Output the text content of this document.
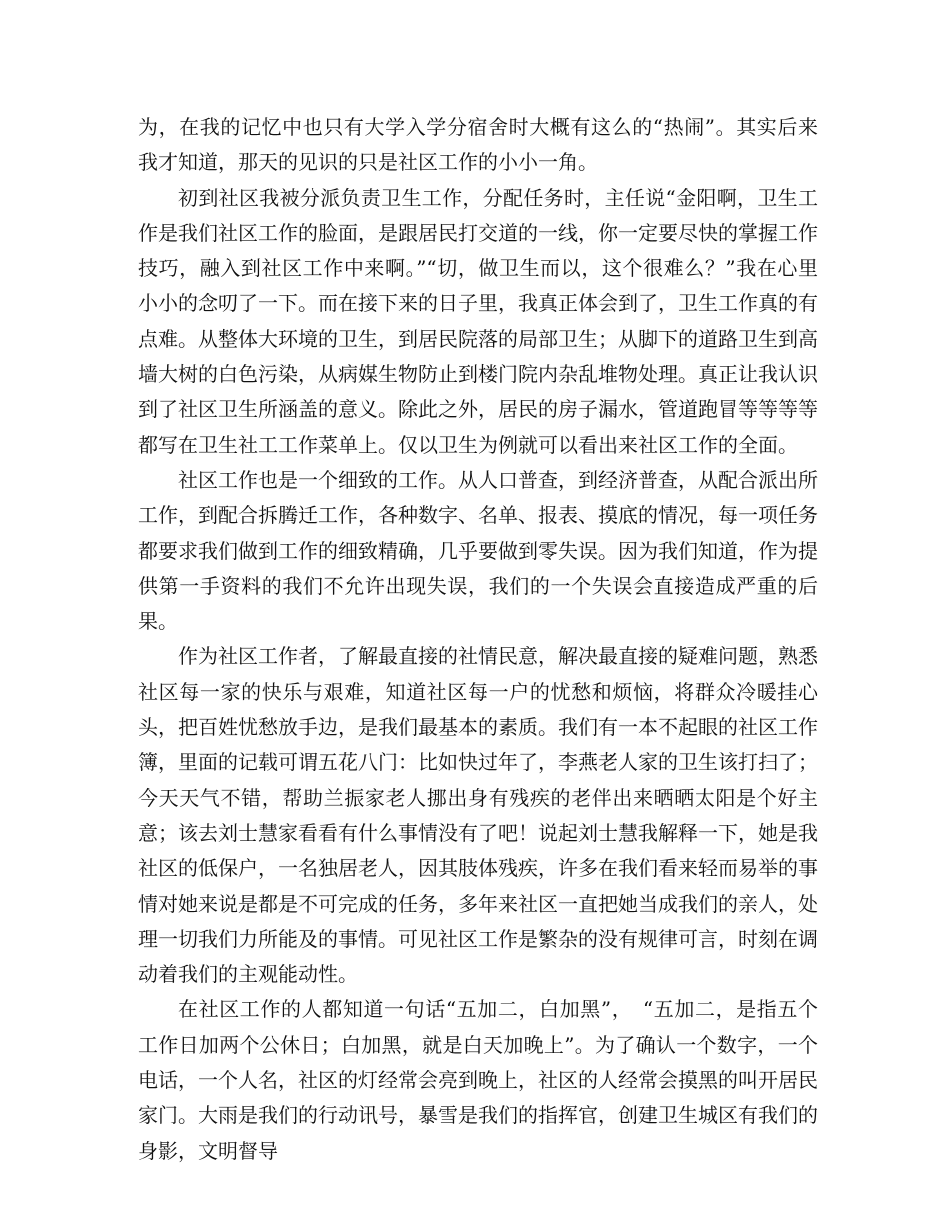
为，在我的记忆中也只有大学入学分宿舍时大概有这么的“热闹”。其实后来我才知道，那天的见识的只是社区工作的小小一角。

初到社区我被分派负责卫生工作，分配任务时，主任说“金阳啊，卫生工作是我们社区工作的脸面，是跟居民打交道的一线，你一定要尽快的掌握工作技巧，融入到社区工作中来啊。”“切，做卫生而以，这个很难么？”我在心里小小的念叨了一下。而在接下来的日子里，我真正体会到了，卫生工作真的有点难。从整体大环境的卫生，到居民院落的局部卫生；从脚下的道路卫生到高墙大树的白色污染，从病媒生物防止到楼门院内杂乱堆物处理。真正让我认识到了社区卫生所涵盖的意义。除此之外，居民的房子漏水，管道跑冒等等等等都写在卫生社工工作菜单上。仅以卫生为例就可以看出来社区工作的全面。

社区工作也是一个细致的工作。从人口普查，到经济普查，从配合派出所工作，到配合拆腾迁工作，各种数字、名单、报表、摸底的情况，每一项任务都要求我们做到工作的细致精确，几乎要做到零失误。因为我们知道，作为提供第一手资料的我们不允许出现失误，我们的一个失误会直接造成严重的后果。

作为社区工作者，了解最直接的社情民意，解决最直接的疑难问题，熟悉社区每一家的快乐与艰难，知道社区每一户的忧愁和烦恼，将群众冷暖挂心头，把百姓忧愁放手边，是我们最基本的素质。我们有一本不起眼的社区工作簿，里面的记载可谓五花八门：比如快过年了，李燕老人家的卫生该打扫了；今天天气不错，帮助兰振家老人挪出身有残疾的老伴出来晒晒太阳是个好主意；该去刘士慧家看看有什么事情没有了吧！说起刘士慧我解释一下，她是我社区的低保户，一名独居老人，因其肢体残疾，许多在我们看来轻而易举的事情对她来说是都是不可完成的任务，多年来社区一直把她当成我们的亲人，处理一切我们力所能及的事情。可见社区工作是繁杂的没有规律可言，时刻在调动着我们的主观能动性。

在社区工作的人都知道一句话“五加二，白加黑”，　“五加二，是指五个工作日加两个公休日；白加黑，就是白天加晚上”。为了确认一个数字，一个电话，一个人名，社区的灯经常会亮到晚上，社区的人经常会摸黑的叫开居民家门。大雨是我们的行动讯号，暴雪是我们的指挥官，创建卫生城区有我们的身影，文明督导
